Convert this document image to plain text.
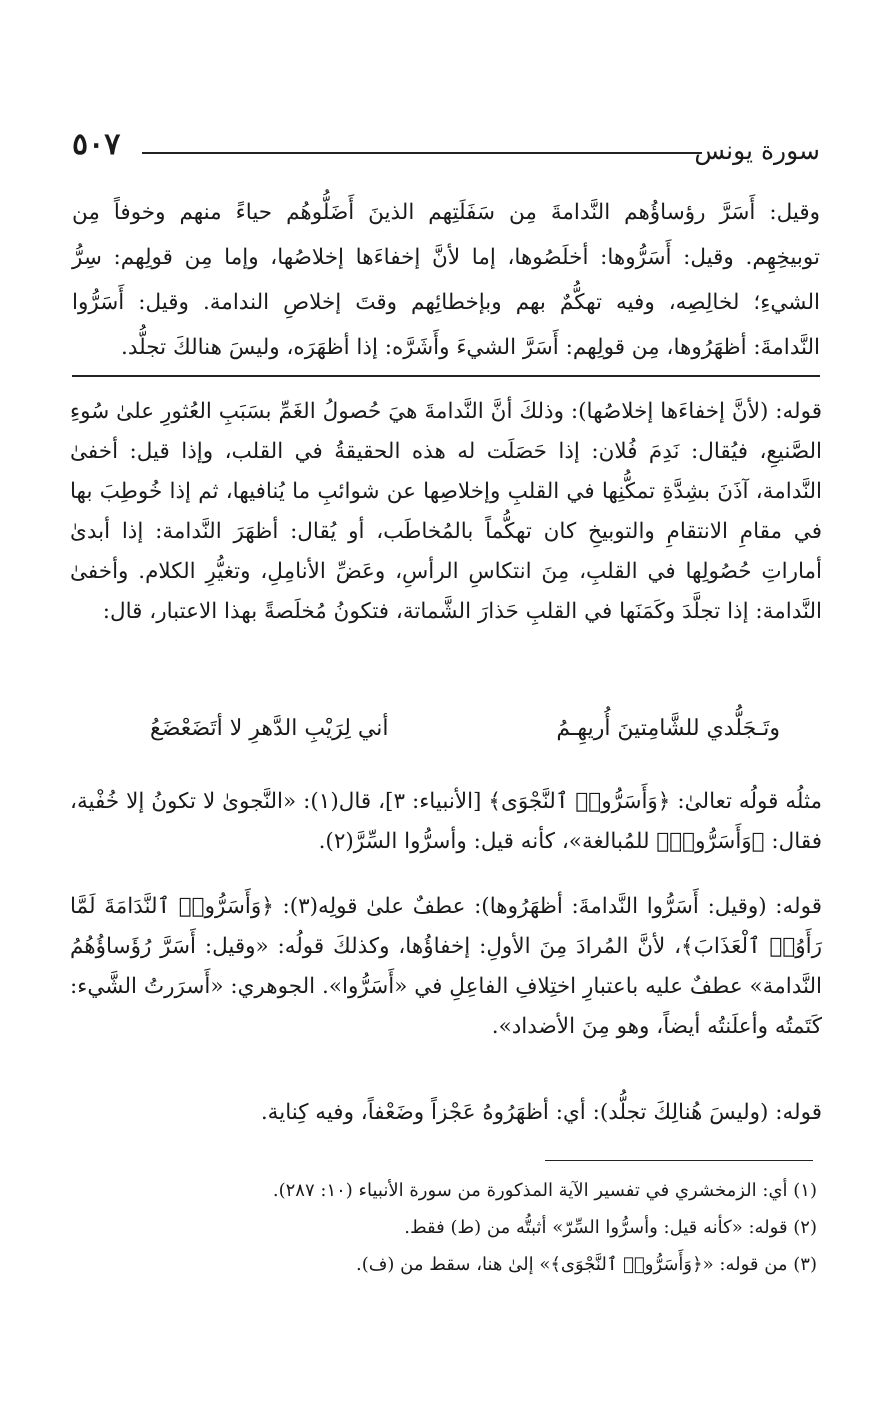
سورة يونس
٥٠٧
وقيل: أَسَرَّ رؤساؤُهم النَّدامةَ مِن سَفَلَتِهم الذينَ أَضَلُّوهُم حياءً منهم وخوفاً مِن توبيخِهِم. وقيل: أَسَرُّوها: أخلَصُوها، إما لأنَّ إخفاءَها إخلاصُها، وإما مِن قولِهم: سِرُّ الشيءِ؛ لخالِصِه، وفيه تهكُّمٌ بهم وبإخطائِهم وقتَ إخلاصِ الندامة. وقيل: أَسَرُّوا النَّدامةَ: أظهَرُوها، مِن قولِهم: أَسَرَّ الشيءَ وأَشَرَّه: إذا أظهَرَه، وليسَ هنالكَ تجلُّد.
قوله: (لأنَّ إخفاءَها إخلاصُها): وذلكَ أنَّ النَّدامةَ هيَ حُصولُ الغَمِّ بسَبَبِ العُثورِ علىٰ سُوءِ الصَّنيعِ، فيُقال: نَدِمَ فُلان: إذا حَصَلَت له هذه الحقيقةُ في القلب، وإذا قيل: أخفىٰ النَّدامة، آذَنَ بشِدَّةِ تمكُّنِها في القلبِ وإخلاصِها عن شوائبِ ما يُنافيها، ثم إذا خُوطِبَ بها في مقامِ الانتقامِ والتوبيخِ كان تهكُّماً بالمُخاطَب، أو يُقال: أظهَرَ النَّدامة: إذا أبدىٰ أماراتِ حُصُولِها في القلبِ، مِنَ انتكاسِ الرأسِ، وعَضِّ الأنامِلِ، وتغيُّرِ الكلام. وأخفىٰ النَّدامة: إذا تجلَّدَ وكَمَنَها في القلبِ حَذارَ الشَّماتة، فتكونُ مُخلَصةً بهذا الاعتبار، قال:
وتَـجَلُّدي للشَّامِتينَ أُريهِـمُ
أني لِرَيْبِ الدَّهرِ لا أتَضَعْضَعُ
مثلُه قولُه تعالىٰ: ﴿وَأَسَرُّوا۟ ٱلنَّجْوَى﴾ [الأنبياء: ٣]، قال(١): «النَّجوىٰ لا تكونُ إلا خُفْية، فقال: ﴿وَأَسَرُّوا۟﴾ للمُبالغة»، كأنه قيل: وأسرُّوا السِّرَّ(٢).
قوله: (وقيل: أَسَرُّوا النَّدامةَ: أظهَرُوها): عطفٌ علىٰ قولِه(٣): ﴿وَأَسَرُّوا۟ ٱلنَّدَامَةَ لَمَّا رَأَوُا۟ ٱلْعَذَابَ﴾، لأنَّ المُرادَ مِنَ الأولِ: إخفاؤُها، وكذلكَ قولُه: «وقيل: أَسَرَّ رُؤَساؤُهُمُ النَّدامة» عطفٌ عليه باعتبارِ اختِلافِ الفاعِلِ في «أَسَرُّوا». الجوهري: «أَسرَرتُ الشَّيء: كَتَمتُه وأعلَنتُه أيضاً، وهو مِنَ الأضداد».
قوله: (وليسَ هُنالِكَ تجلُّد): أي: أظهَرُوهُ عَجْزاً وضَعْفاً، وفيه كِناية.
(١) أي: الزمخشري في تفسير الآية المذكورة من سورة الأنبياء (١٠: ٢٨٧).
(٢) قوله: «كأنه قيل: وأسرُّوا السِّرّ» أثبتُّه من (ط) فقط.
(٣) من قوله: «﴿وَأَسَرُّوا۟ ٱلنَّجْوَى﴾» إلىٰ هنا، سقط من (ف).
